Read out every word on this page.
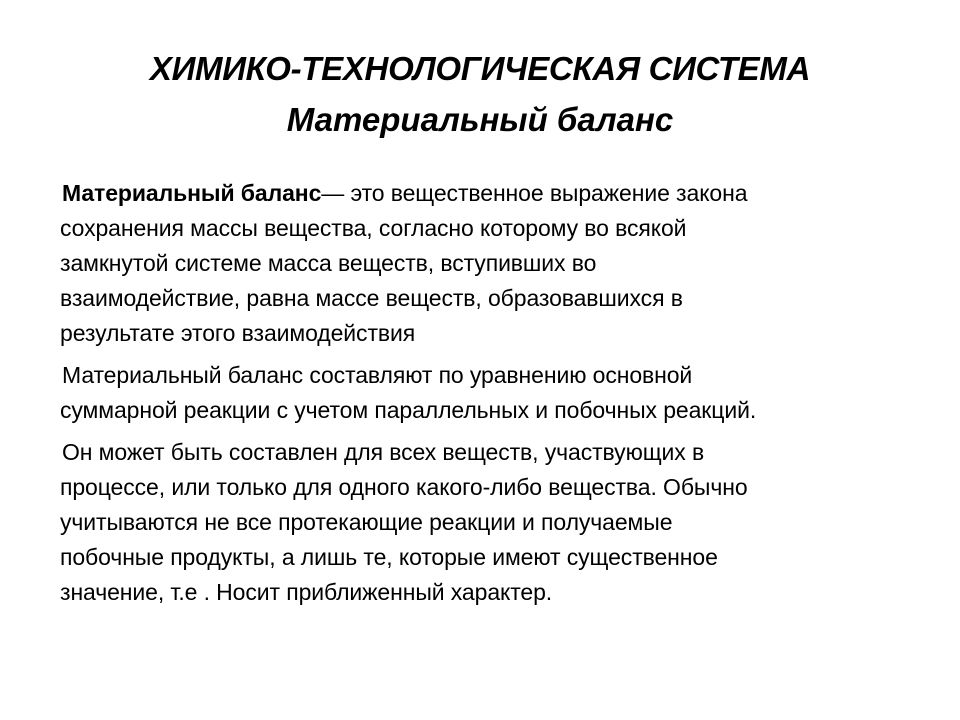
ХИМИКО-ТЕХНОЛОГИЧЕСКАЯ СИСТЕМА
Материальный баланс

Материальный баланс— это вещественное выражение закона
сохранения массы вещества, согласно которому во всякой
замкнутой системе масса веществ, вступивших во
взаимодействие, равна массе веществ, образовавшихся в
результате этого взаимодействия

Материальный баланс составляют по уравнению основной
суммарной реакции с учетом параллельных и побочных реакций.

Он может быть составлен для всех веществ, участвующих в
процессе, или только для одного какого-либо вещества. Обычно
учитываются не все протекающие реакции и получаемые
побочные продукты, а лишь те, которые имеют существенное
значение, т.е . Носит приближенный характер.
